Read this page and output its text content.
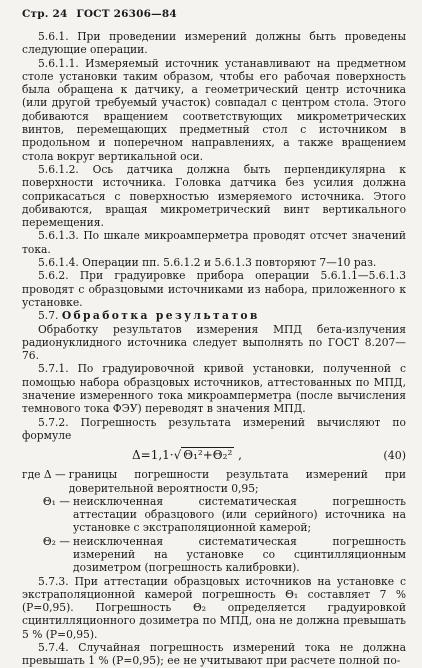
Стр. 24 ГОСТ 26306—84

5.6.1. При проведении измерений должны быть проведены следующие операции.

5.6.1.1. Измеряемый источник устанавливают на предметном столе установки таким образом, чтобы его рабочая поверхность была обращена к датчику, а геометрический центр источника (или другой требуемый участок) совпадал с центром стола. Этого добиваются вращением соответствующих микрометрических винтов, перемещающих предметный стол с источником в продольном и поперечном направлениях, а также вращением стола вокруг вертикальной оси.

5.6.1.2. Ось датчика должна быть перпендикулярна к поверхности источника. Головка датчика без усилия должна соприкасаться с поверхностью измеряемого источника. Этого добиваются, вращая микрометрический винт вертикального перемещения.

5.6.1.3. По шкале микроамперметра проводят отсчет значений тока.

5.6.1.4. Операции пп. 5.6.1.2 и 5.6.1.3 повторяют 7—10 раз.

5.6.2. При градуировке прибора операции 5.6.1.1—5.6.1.3 проводят с образцовыми источниками из набора, приложенного к установке.

5.7. Обработка результатов

Обработку результатов измерения МПД бета-излучения радионуклидного источника следует выполнять по ГОСТ 8.207—76.

5.7.1. По градуировочной кривой установки, полученной с помощью набора образцовых источников, аттестованных по МПД, значение измеренного тока микроамперметра (после вычисления темнового тока ФЭУ) переводят в значения МПД.

5.7.2. Погрешность результата измерений вычисляют по формуле

Δ=1,1·√ Θ₁²+Θ₂² ,	(40)
где Δ — границы погрешности результата измерений при доверительной вероятности 0,95;
Θ₁ — неисключенная систематическая погрешность аттестации образцового (или серийного) источника на установке с экстраполяционной камерой;
Θ₂ — неисключенная систематическая погрешность измерений на установке со сцинтилляционным дозиметром (погрешность калибровки).

5.7.3. При аттестации образцовых источников на установке с экстраполяционной камерой погрешность Θ₁ составляет 7 % (Р=0,95). Погрешность Θ₂ определяется градуировкой сцинтилляционного дозиметра по МПД, она не должна превышать 5 % (Р=0,95).

5.7.4. Случайная погрешность измерений тока не должна превышать 1 % (Р=0,95); ее не учитывают при расчете полной по-
